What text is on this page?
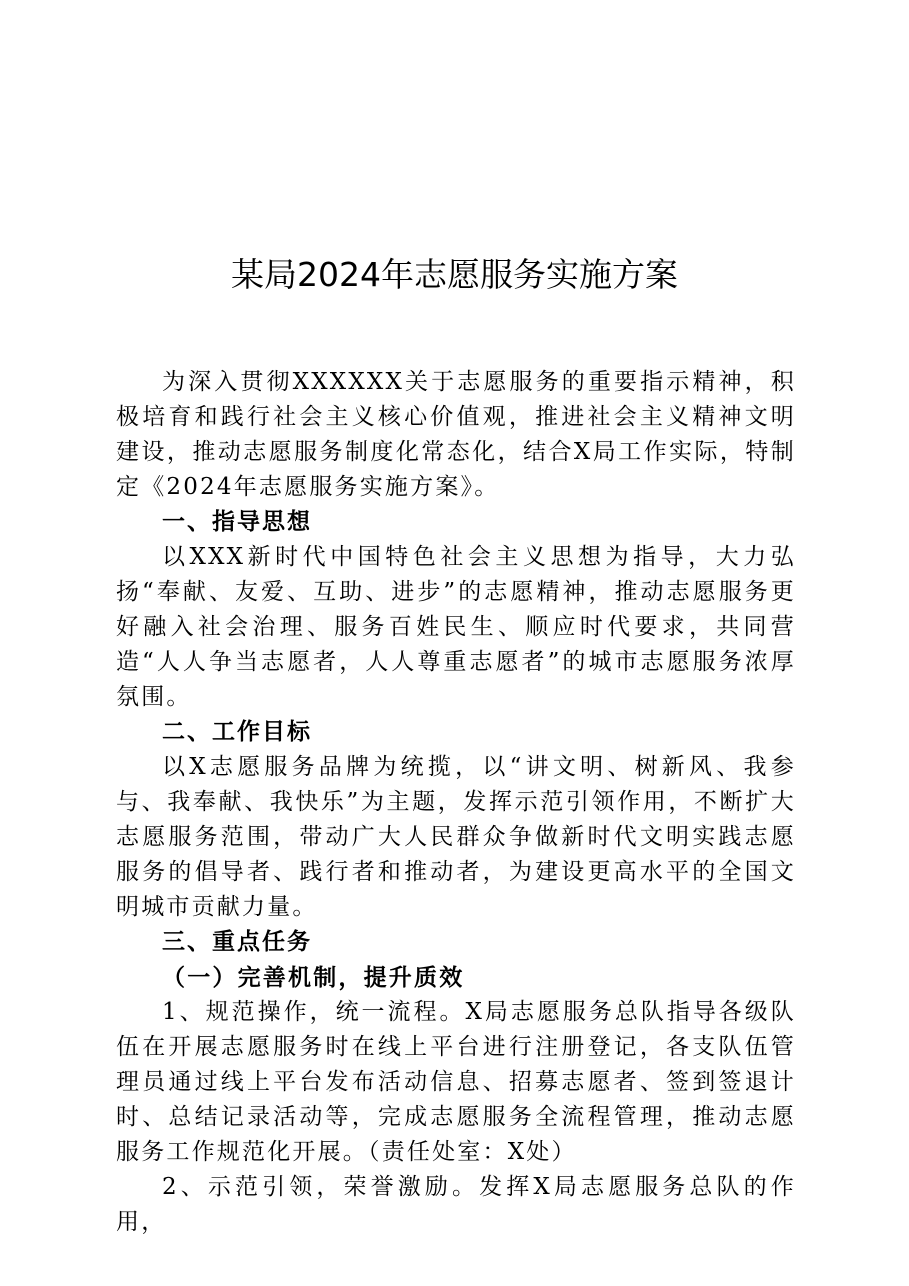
某局2024年志愿服务实施方案

为深入贯彻XXXXXX关于志愿服务的重要指示精神，积极培育和践行社会主义核心价值观，推进社会主义精神文明建设，推动志愿服务制度化常态化，结合X局工作实际，特制定《2024年志愿服务实施方案》。

一、指导思想

以XXX新时代中国特色社会主义思想为指导，大力弘扬“奉献、友爱、互助、进步”的志愿精神，推动志愿服务更好融入社会治理、服务百姓民生、顺应时代要求，共同营造“人人争当志愿者，人人尊重志愿者”的城市志愿服务浓厚氛围。

二、工作目标

以X志愿服务品牌为统揽，以“讲文明、树新风、我参与、我奉献、我快乐”为主题，发挥示范引领作用，不断扩大志愿服务范围，带动广大人民群众争做新时代文明实践志愿服务的倡导者、践行者和推动者，为建设更高水平的全国文明城市贡献力量。

三、重点任务

（一）完善机制，提升质效

1、规范操作，统一流程。X局志愿服务总队指导各级队伍在开展志愿服务时在线上平台进行注册登记，各支队伍管理员通过线上平台发布活动信息、招募志愿者、签到签退计时、总结记录活动等，完成志愿服务全流程管理，推动志愿服务工作规范化开展。（责任处室：X处）

2、示范引领，荣誉激励。发挥X局志愿服务总队的作用，
